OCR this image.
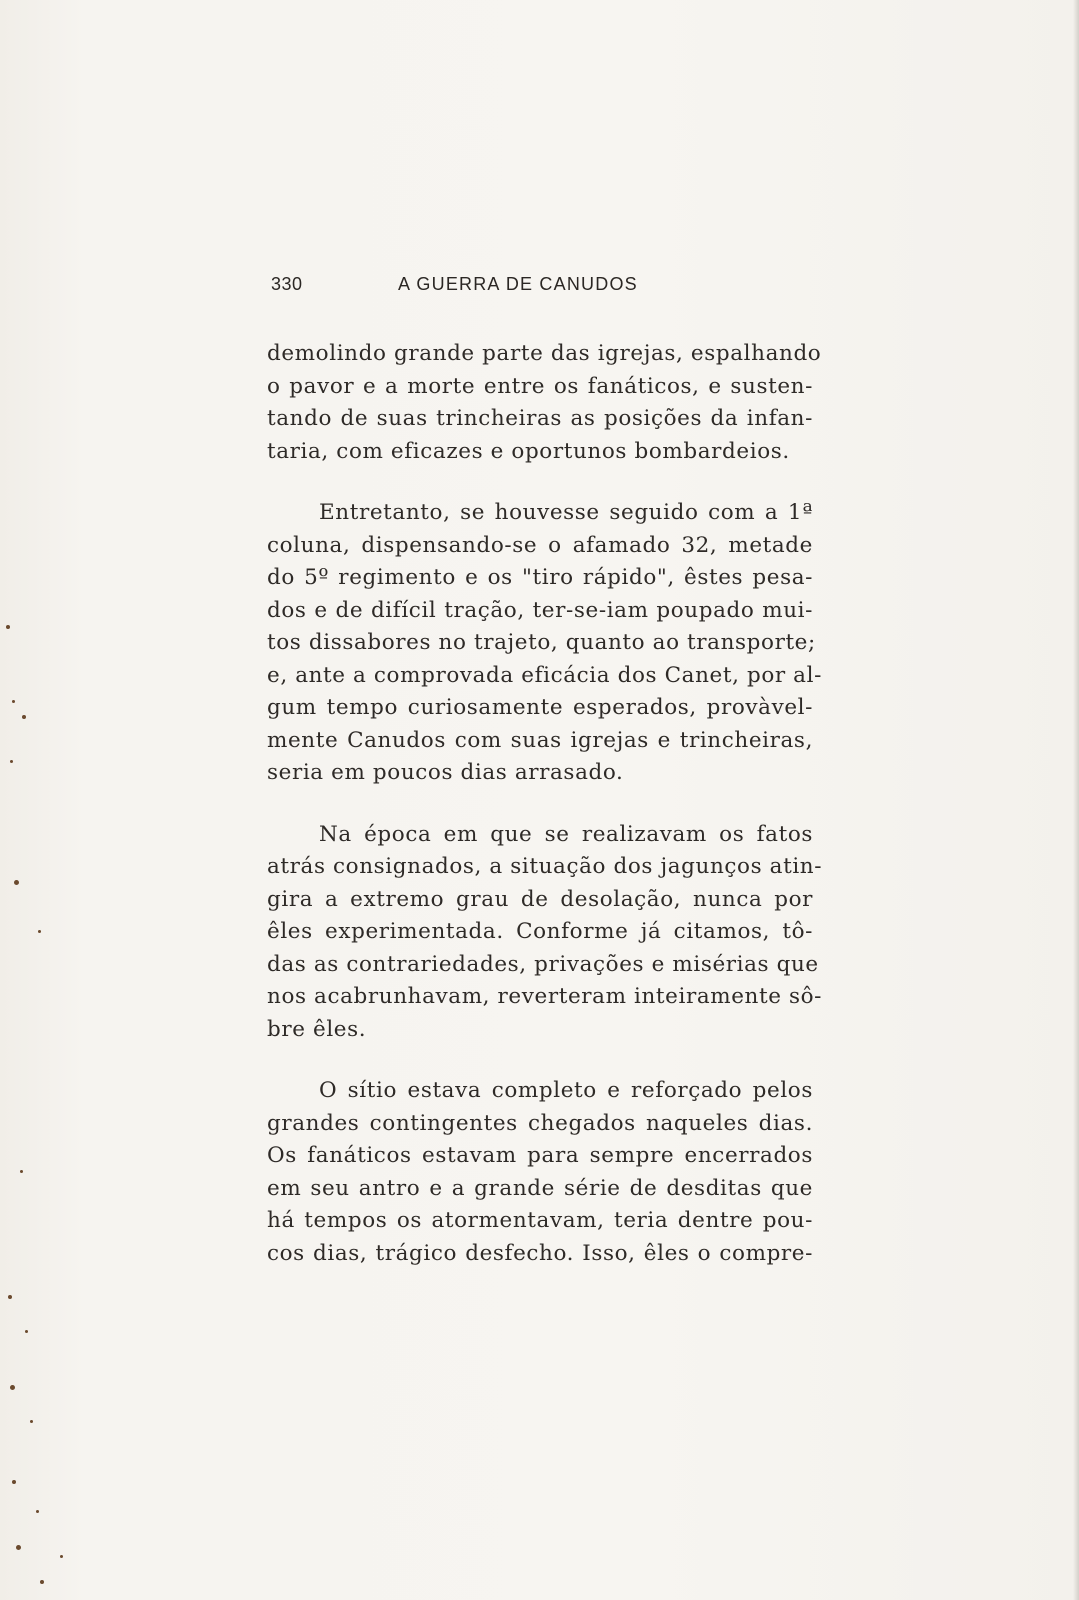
330	A GUERRA DE CANUDOS

demolindo grande parte das igrejas, espalhando
o pavor e a morte entre os fanáticos, e susten-
tando de suas trincheiras as posições da infan-
taria, com eficazes e oportunos bombardeios.

Entretanto, se houvesse seguido com a 1ª
coluna, dispensando-se o afamado 32, metade
do 5º regimento e os "tiro rápido", êstes pesa-
dos e de difícil tração, ter-se-iam poupado mui-
tos dissabores no trajeto, quanto ao transporte;
e, ante a comprovada eficácia dos Canet, por al-
gum tempo curiosamente esperados, provàvel-
mente Canudos com suas igrejas e trincheiras,
seria em poucos dias arrasado.

Na época em que se realizavam os fatos
atrás consignados, a situação dos jagunços atin-
gira a extremo grau de desolação, nunca por
êles experimentada. Conforme já citamos, tô-
das as contrariedades, privações e misérias que
nos acabrunhavam, reverteram inteiramente sô-
bre êles.

O sítio estava completo e reforçado pelos
grandes contingentes chegados naqueles dias.
Os fanáticos estavam para sempre encerrados
em seu antro e a grande série de desditas que
há tempos os atormentavam, teria dentre pou-
cos dias, trágico desfecho. Isso, êles o compre-
